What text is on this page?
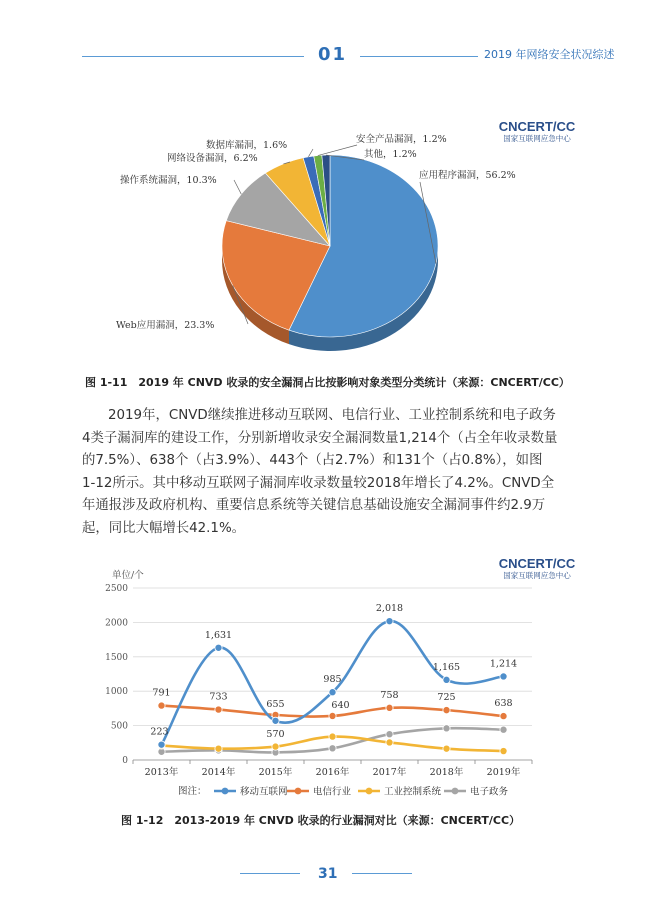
01	2019 年网络安全状况综述
CNCERT/CC
国家互联网应急中心
应用程序漏洞，56.2%
Web应用漏洞，23.3%
操作系统漏洞，10.3%
网络设备漏洞，6.2%
数据库漏洞，1.6%
安全产品漏洞，1.2%
其他，1.2%
图 1-11　2019 年 CNVD 收录的安全漏洞占比按影响对象类型分类统计（来源：CNCERT/CC）

2019年，CNVD继续推进移动互联网、电信行业、工业控制系统和电子政务

4类子漏洞库的建设工作，分别新增收录安全漏洞数量1,214个（占全年收录数量

的7.5%）、638个（占3.9%）、443个（占2.7%）和131个（占0.8%），如图

1-12所示。其中移动互联网子漏洞库收录数量较2018年增长了4.2%。CNVD全

年通报涉及政府机构、重要信息系统等关键信息基础设施安全漏洞事件约2.9万

起，同比大幅增长42.1%。

CNCERT/CC
国家互联网应急中心
单位/个
0
500
1000
1500
2000
2500
2013年 2014年 2015年 2016年 2017年 2018年 2019年
791	733
655	640
758	725
638
223
1,631
570
985
2,018
1,165	1,214
图注：	移动互联网	电信行业	工业控制系统	电子政务
图 1-12　2013-2019 年 CNVD 收录的行业漏洞对比（来源：CNCERT/CC）
31
